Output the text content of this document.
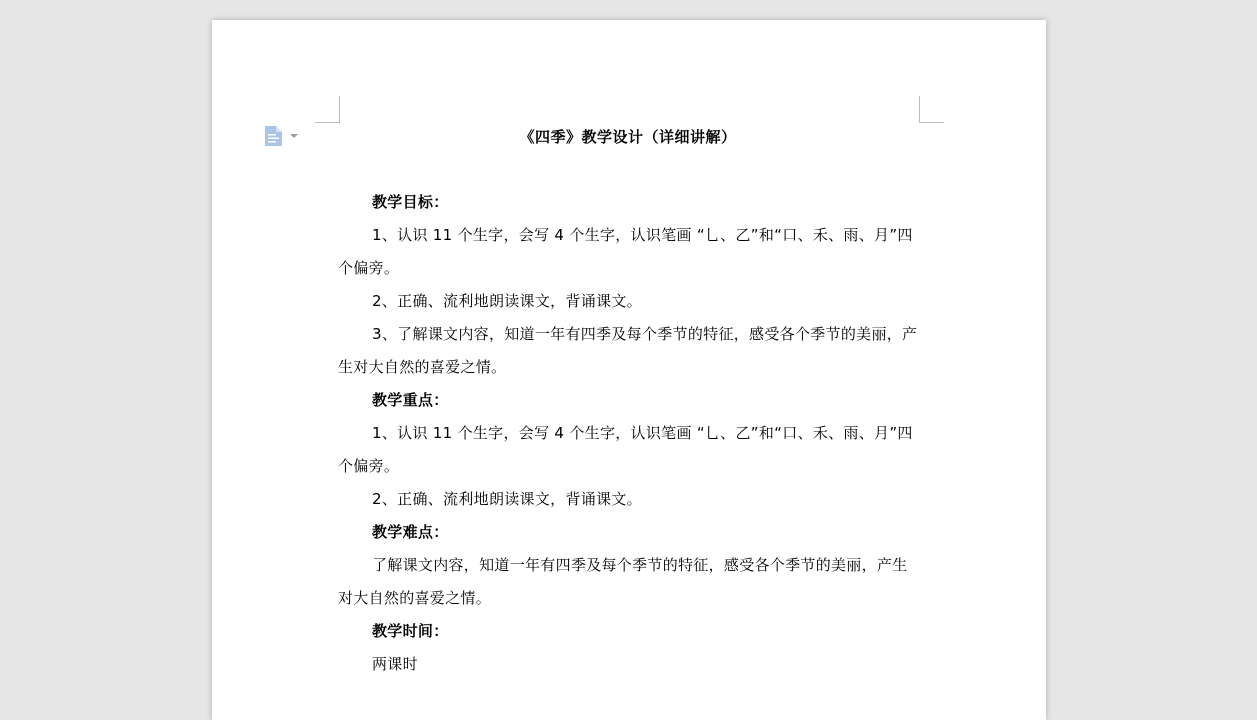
《四季》教学设计（详细讲解）

教学目标：

1、认识 11 个生字，会写 4 个生字，认识笔画 “乚、乙”和“口、禾、雨、月”四个偏旁。

2、正确、流利地朗读课文，背诵课文。

3、了解课文内容，知道一年有四季及每个季节的特征，感受各个季节的美丽，产生对大自然的喜爱之情。

教学重点：

1、认识 11 个生字，会写 4 个生字，认识笔画 “乚、乙”和“口、禾、雨、月”四个偏旁。

2、正确、流利地朗读课文，背诵课文。

教学难点：

了解课文内容，知道一年有四季及每个季节的特征，感受各个季节的美丽，产生对大自然的喜爱之情。

教学时间：

两课时
